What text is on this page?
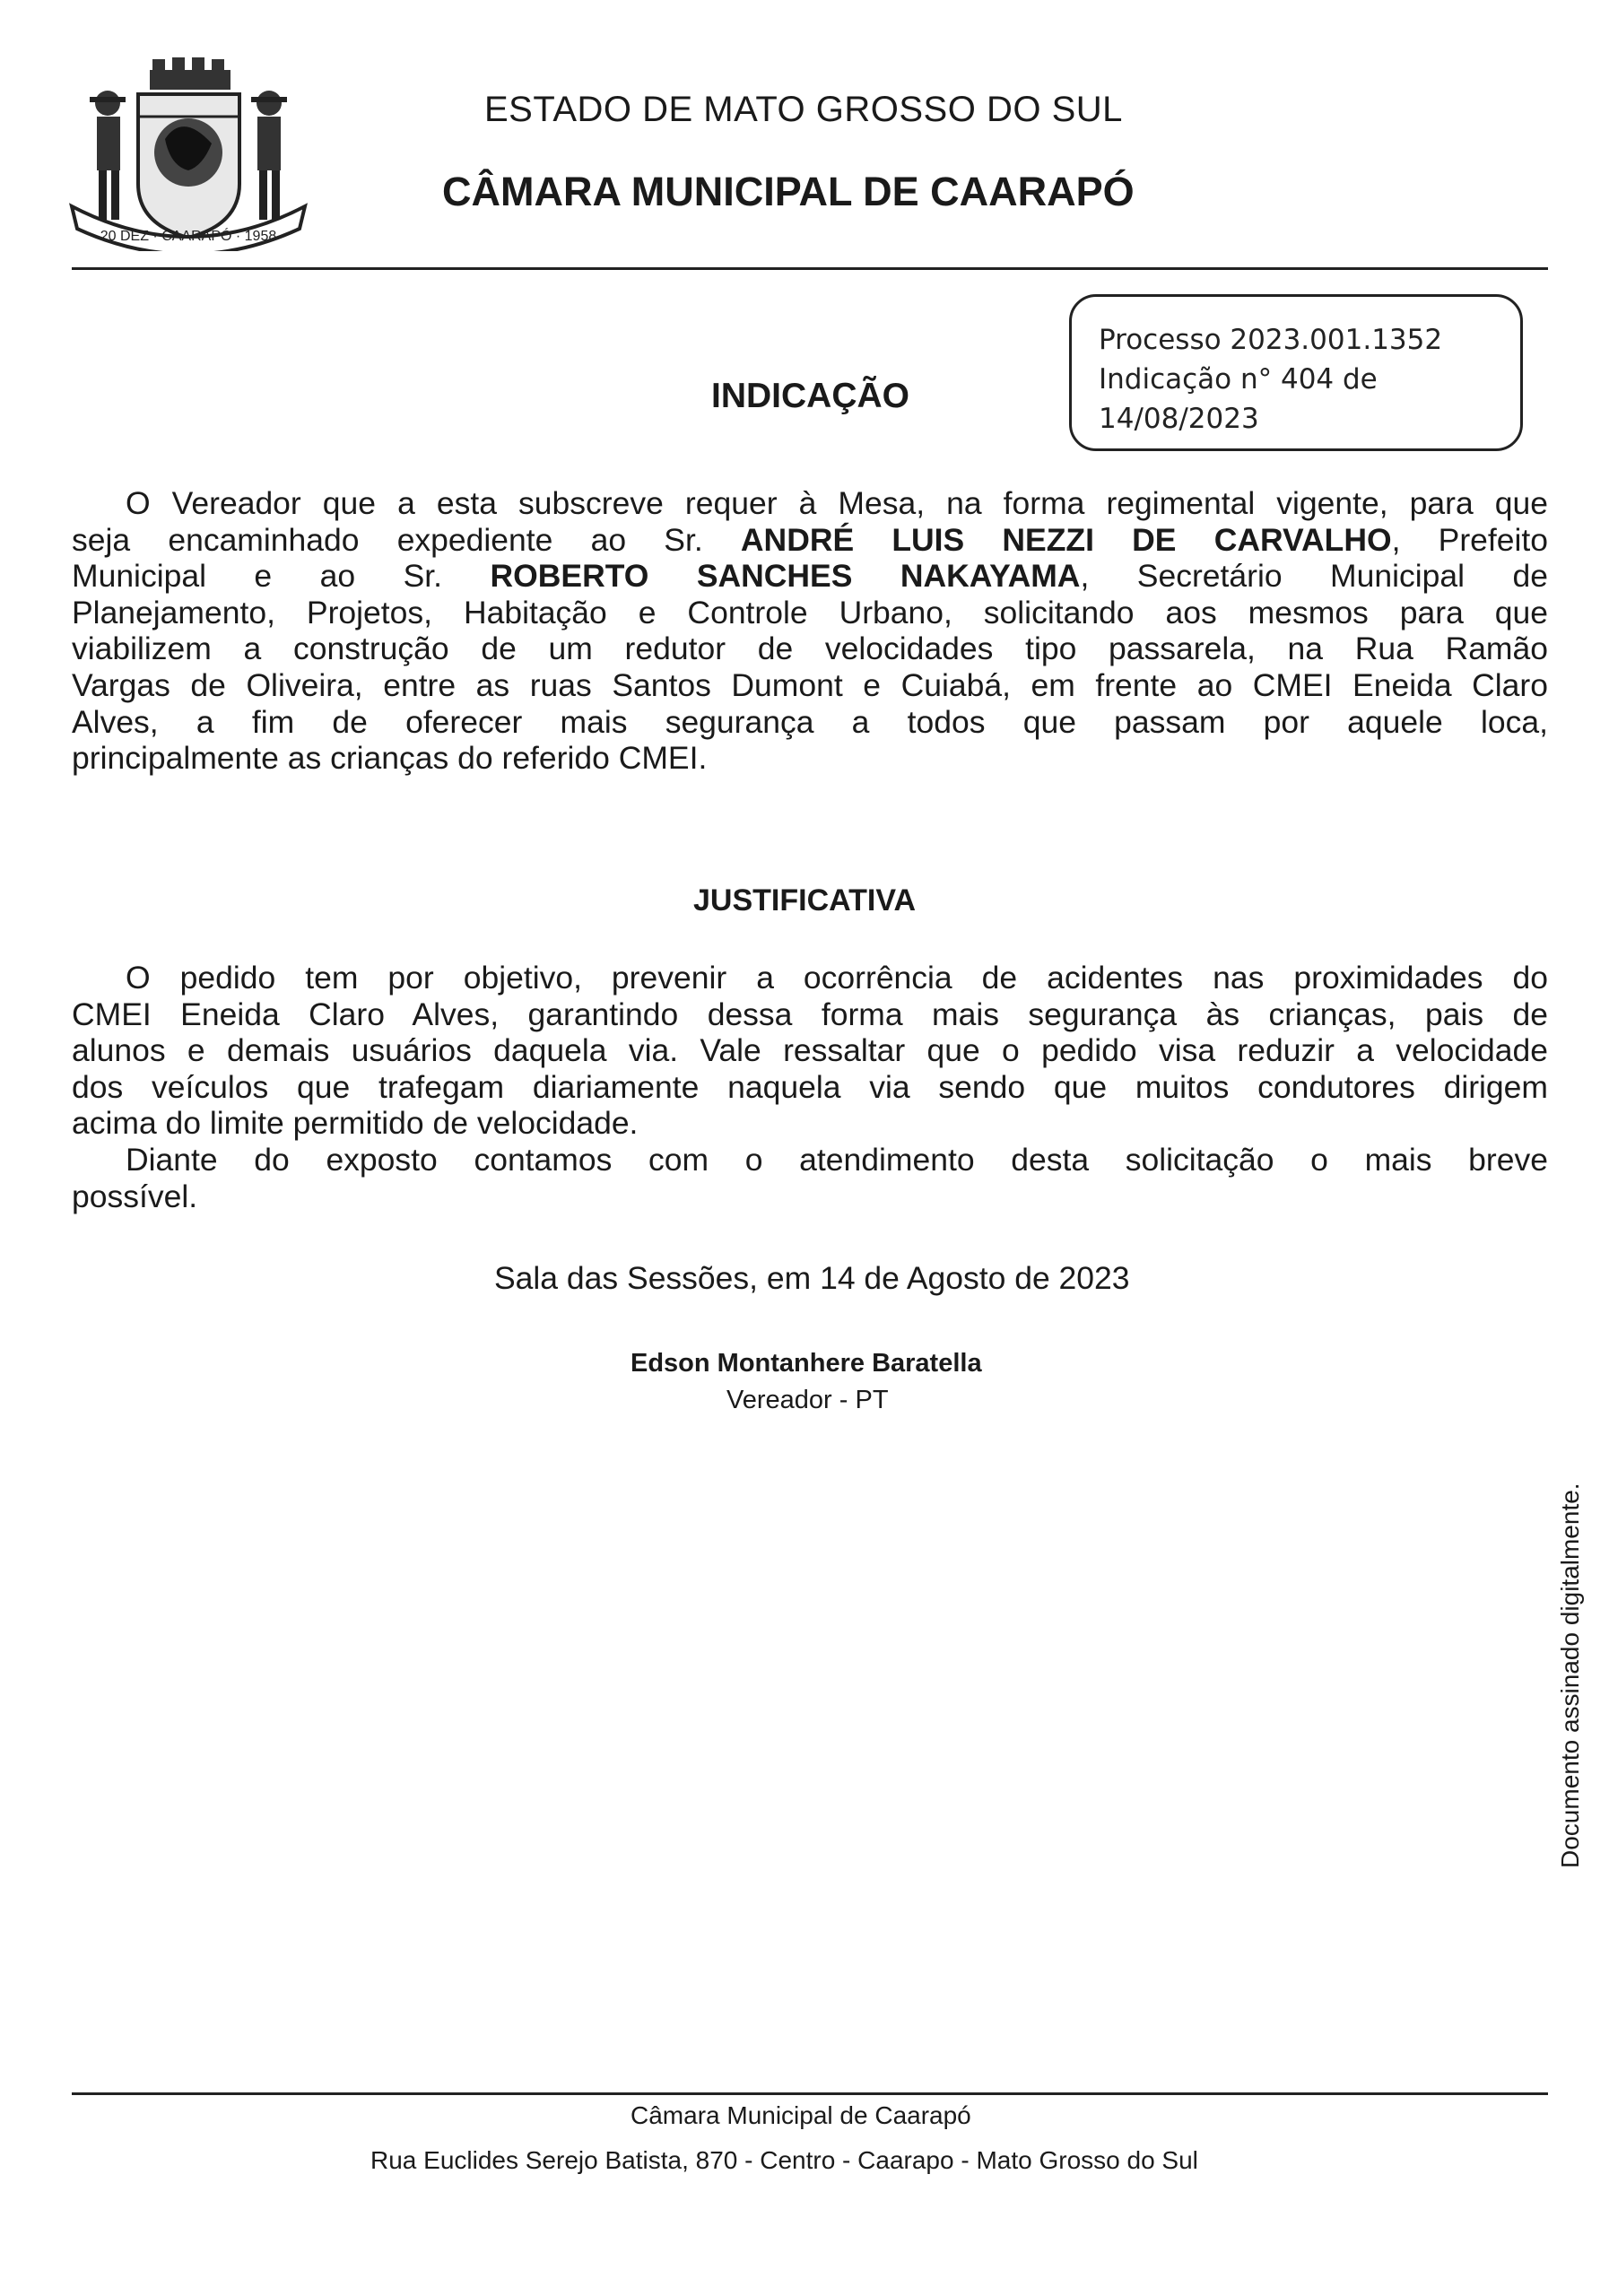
20 DEZ · CAARAPÓ · 1958
ESTADO DE MATO GROSSO DO SUL
CÂMARA MUNICIPAL DE CAARAPÓ
Processo 2023.001.1352
Indicação n° 404 de
14/08/2023
INDICAÇÃO
O Vereador que a esta subscreve requer à Mesa, na forma regimental vigente, para que
seja encaminhado expediente ao Sr. ANDRÉ LUIS NEZZI DE CARVALHO, Prefeito
Municipal e ao Sr. ROBERTO SANCHES NAKAYAMA, Secretário Municipal de
Planejamento, Projetos, Habitação e Controle Urbano, solicitando aos mesmos para que
viabilizem a construção de um redutor de velocidades tipo passarela, na Rua Ramão
Vargas de Oliveira, entre as ruas Santos Dumont e Cuiabá, em frente ao CMEI Eneida Claro
Alves, a fim de oferecer mais segurança a todos que passam por aquele loca,
principalmente as crianças do referido CMEI.
JUSTIFICATIVA
O pedido tem por objetivo, prevenir a ocorrência de acidentes nas proximidades do
CMEI Eneida Claro Alves, garantindo dessa forma mais segurança às crianças, pais de
alunos e demais usuários daquela via. Vale ressaltar que o pedido visa reduzir a velocidade
dos veículos que trafegam diariamente naquela via sendo que muitos condutores dirigem
acima do limite permitido de velocidade.
Diante do exposto contamos com o atendimento desta solicitação o mais breve
possível.
Sala das Sessões, em 14 de Agosto de 2023
Edson Montanhere Baratella
Vereador - PT
Documento assinado digitalmente.
Câmara Municipal de Caarapó
Rua Euclides Serejo Batista, 870 - Centro - Caarapo - Mato Grosso do Sul
